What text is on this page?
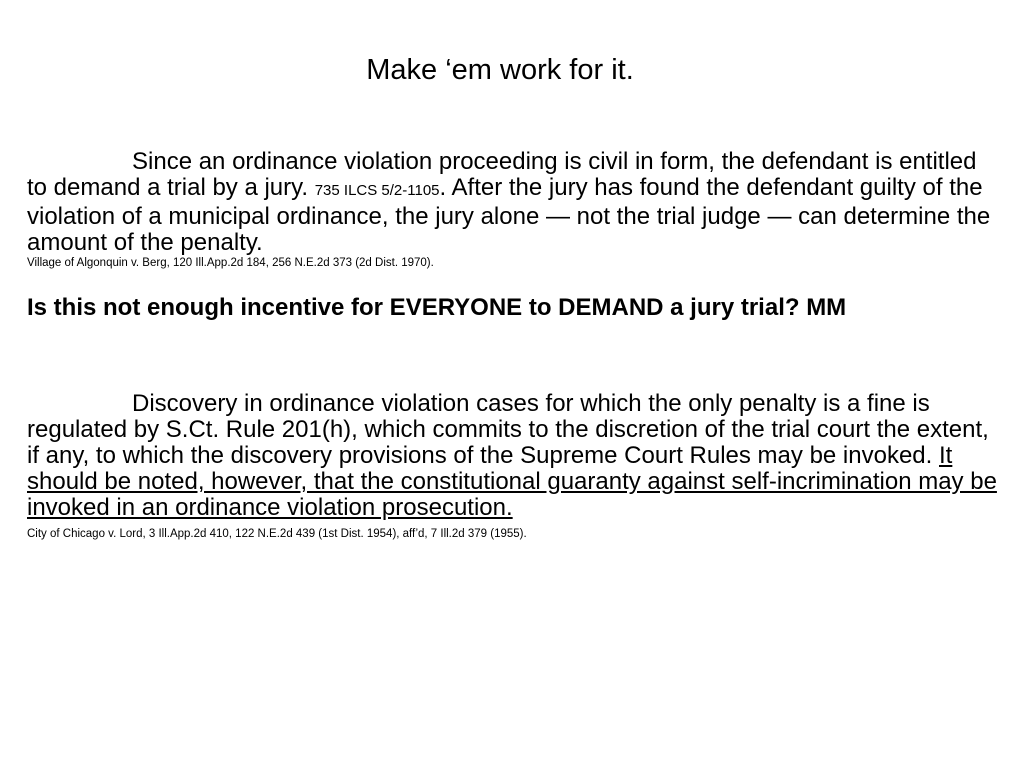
Make ‘em work for it.

Since an ordinance violation proceeding is civil in form, the defendant is entitled to demand a trial by a jury. 735 ILCS 5/2-1105. After the jury has found the defendant guilty of the violation of a municipal ordinance, the jury alone — not the trial judge — can determine the amount of the penalty.

Village of Algonquin v. Berg, 120 Ill.App.2d 184, 256 N.E.2d 373 (2d Dist. 1970).

Is this not enough incentive for EVERYONE to DEMAND a jury trial? MM

Discovery in ordinance violation cases for which the only penalty is a fine is regulated by S.Ct. Rule 201(h), which commits to the discretion of the trial court the extent, if any, to which the discovery provisions of the Supreme Court Rules may be invoked. It should be noted, however, that the constitutional guaranty against self-incrimination may be invoked in an ordinance violation prosecution.

City of Chicago v. Lord, 3 Ill.App.2d 410, 122 N.E.2d 439 (1st Dist. 1954), aff’d, 7 Ill.2d 379 (1955).
